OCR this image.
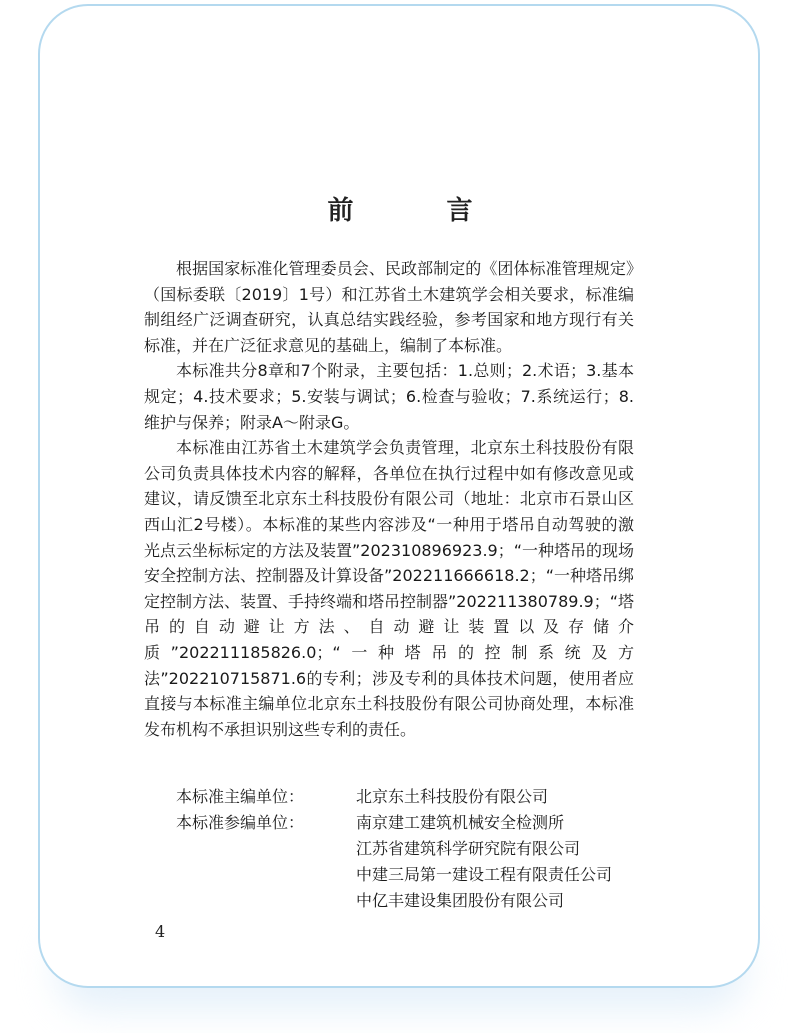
前 言

根据国家标准化管理委员会、民政部制定的《团体标准管理规定》（国标委联〔2019〕1号）和江苏省土木建筑学会相关要求，标准编制组经广泛调查研究，认真总结实践经验，参考国家和地方现行有关标准，并在广泛征求意见的基础上，编制了本标准。

本标准共分8章和7个附录，主要包括：1.总则；2.术语；3.基本规定；4.技术要求；5.安装与调试；6.检查与验收；7.系统运行；8.维护与保养；附录A～附录G。

本标准由江苏省土木建筑学会负责管理，北京东土科技股份有限公司负责具体技术内容的解释，各单位在执行过程中如有修改意见或建议，请反馈至北京东土科技股份有限公司（地址：北京市石景山区西山汇2号楼）。本标准的某些内容涉及“一种用于塔吊自动驾驶的激光点云坐标标定的方法及装置”202310896923.9；“一种塔吊的现场安全控制方法、控制器及计算设备”202211666618.2；“一种塔吊绑定控制方法、装置、手持终端和塔吊控制器”202211380789.9；“塔吊的自动避让方法、自动避让装置以及存储介质”202211185826.0；“一种塔吊的控制系统及方法”202210715871.6的专利；涉及专利的具体技术问题，使用者应直接与本标准主编单位北京东土科技股份有限公司协商处理，本标准发布机构不承担识别这些专利的责任。

本标准主编单位：	北京东土科技股份有限公司
本标准参编单位：	南京建工建筑机械安全检测所
江苏省建筑科学研究院有限公司
中建三局第一建设工程有限责任公司
中亿丰建设集团股份有限公司
4
